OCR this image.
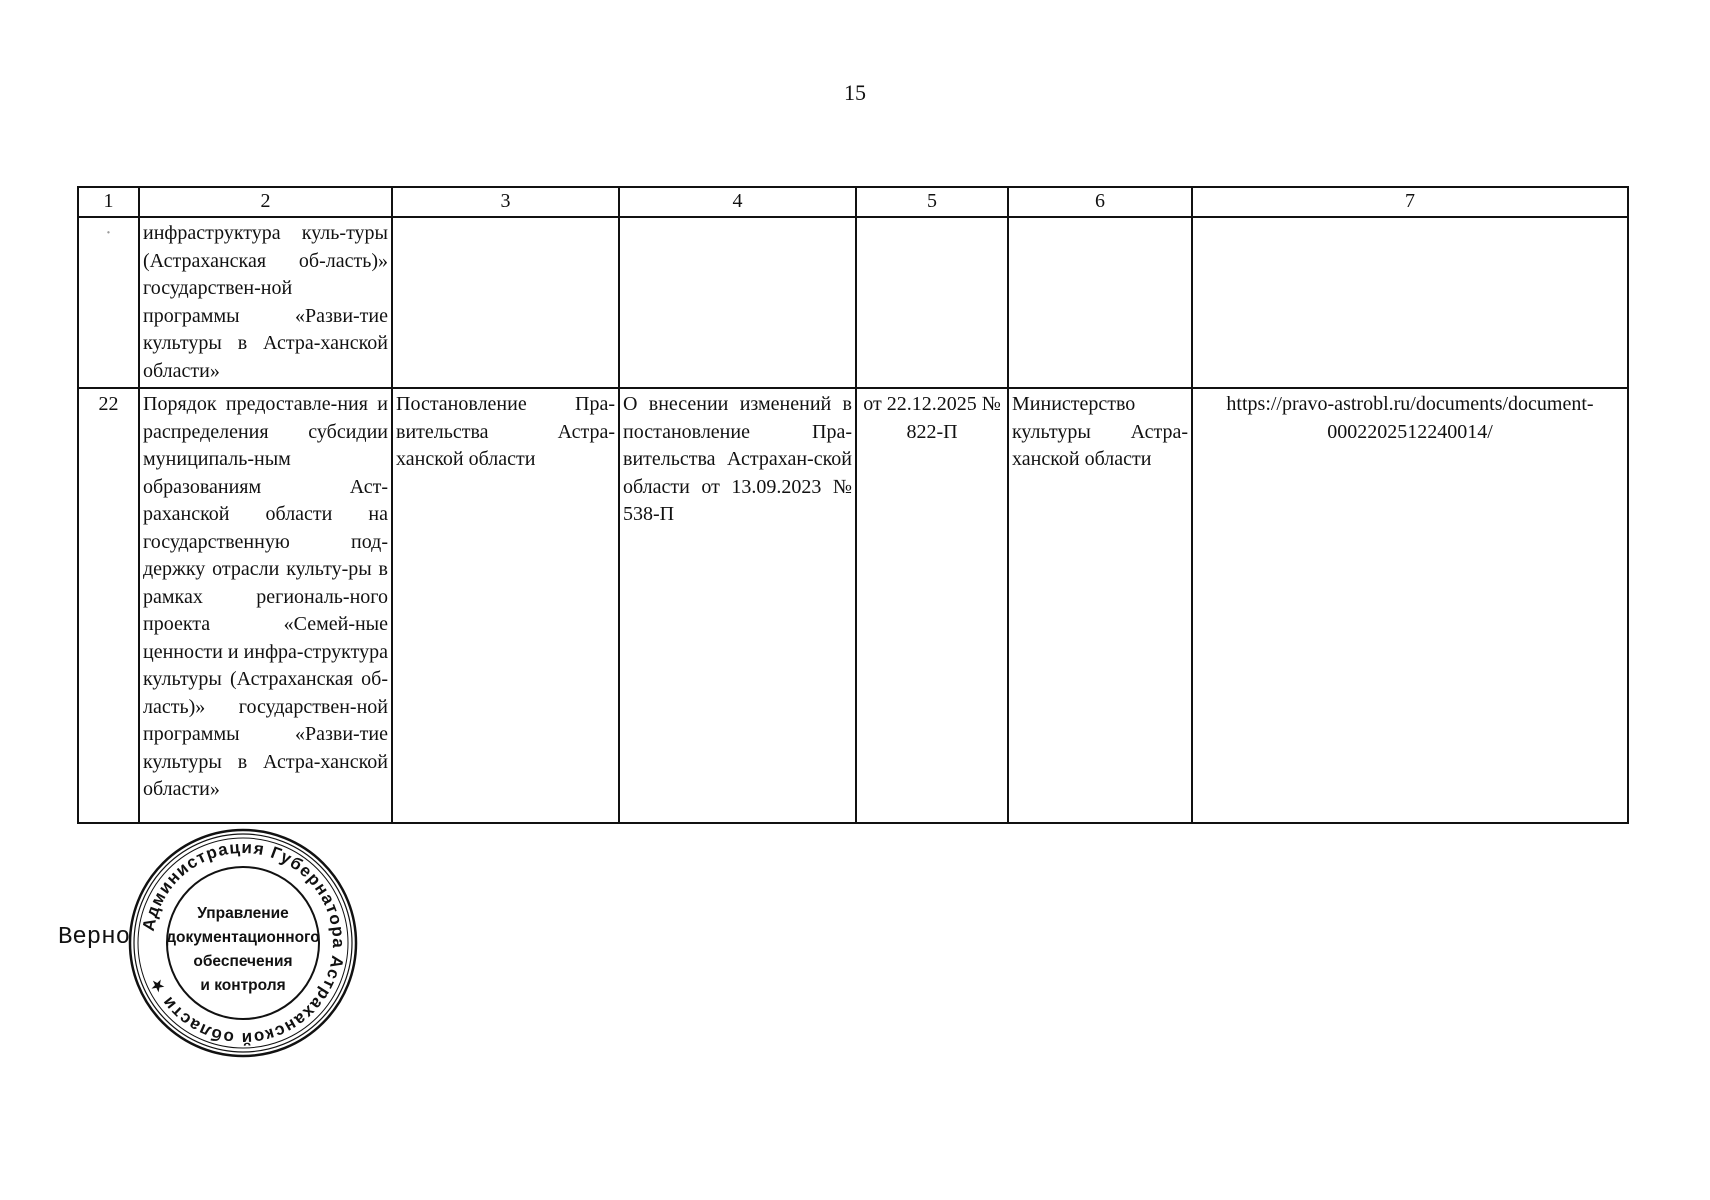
15
1	2	3	4	5	6	7
·	инфраструктура куль-туры (Астраханская об-ласть)» государствен-ной программы «Разви-тие культуры в Астра-ханской области»					
22	Порядок предоставле-ния и распределения субсидии муниципаль-ным образованиям Аст-раханской области на государственную под-держку отрасли культу-ры в рамках региональ-ного проекта «Семей-ные ценности и инфра-структура культуры (Астраханская об-ласть)» государствен-ной программы «Разви-тие культуры в Астра-ханской области»	Постановление Пра-вительства Астра-ханской области	О внесении изменений в постановление Пра-вительства Астрахан-ской области от 13.09.2023 № 538-П	от 22.12.2025 № 822-П	Министерство культуры Астра-ханской области	https://pravo-astrobl.ru/documents/document-0002202512240014/
Верно Администрация Губернатора Астраханской области ★
Управление
документационного
обеспечения
и контроля
